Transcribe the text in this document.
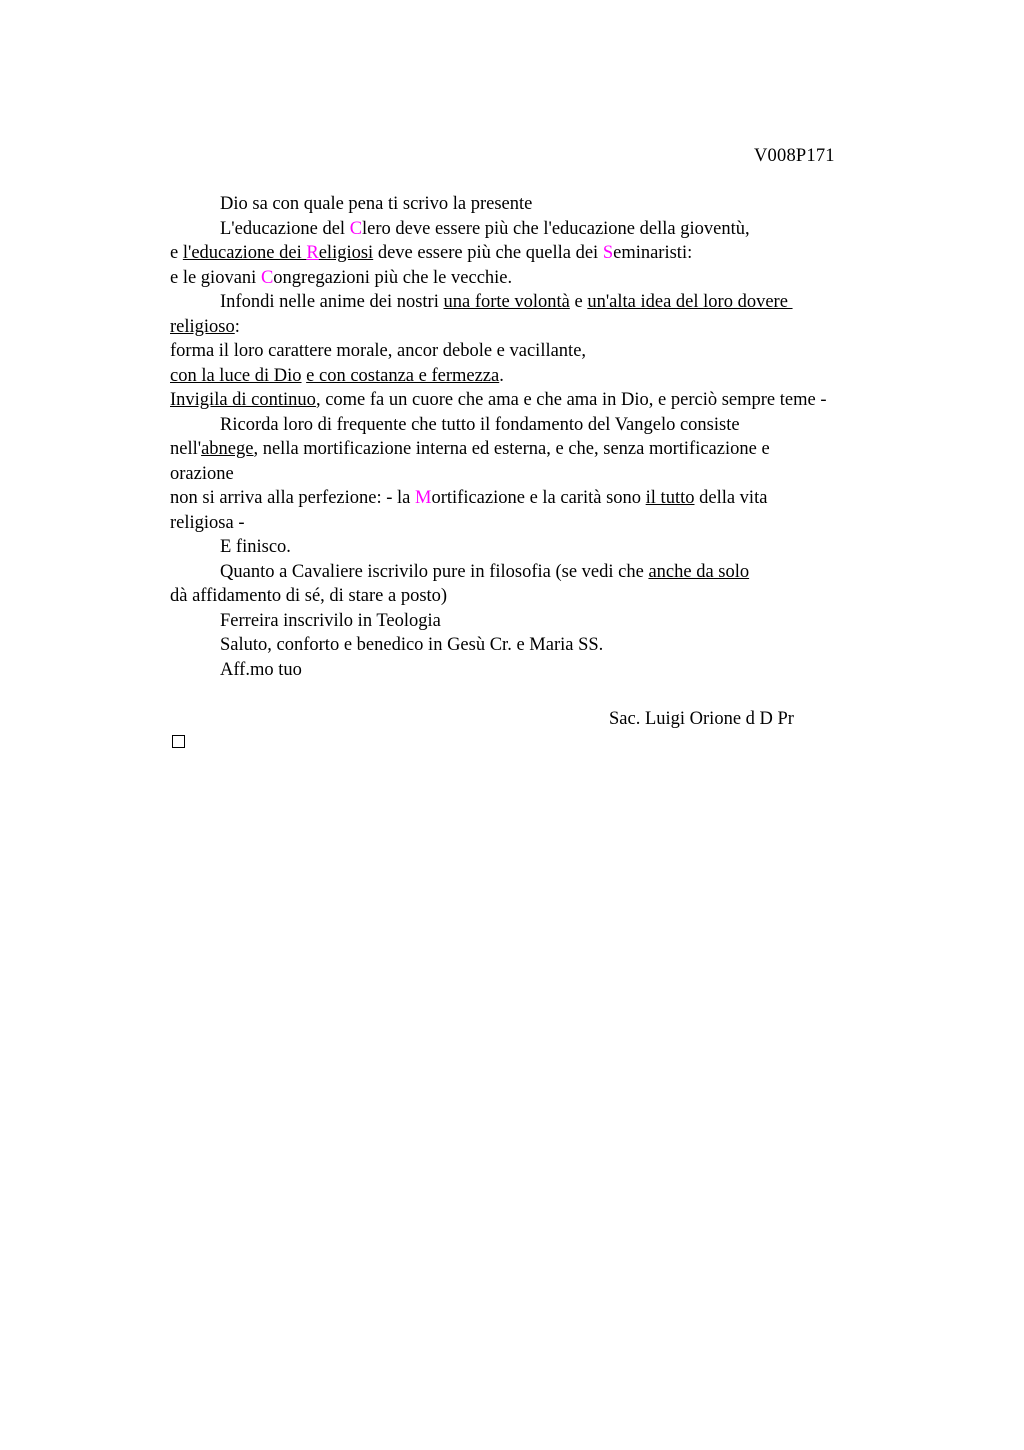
V008P171

Dio sa con quale pena ti scrivo la presente

L'educazione del Clero deve essere più che l'educazione della gioventù,

e l'educazione dei Religiosi deve essere più che quella dei Seminaristi:

e le giovani Congregazioni più che le vecchie.

Infondi nelle anime dei nostri una forte volontà e un'alta idea del loro dovere

religioso:

forma il loro carattere morale, ancor debole e vacillante,

con la luce di Dio e con costanza e fermezza.

Invigila di continuo, come fa un cuore che ama e che ama in Dio, e perciò sempre teme -

Ricorda loro di frequente che tutto il fondamento del Vangelo consiste

nell'abnege, nella mortificazione interna ed esterna, e che, senza mortificazione e

orazione

non si arriva alla perfezione: - la Mortificazione e la carità sono il tutto della vita

religiosa -

E finisco.

Quanto a Cavaliere iscrivilo pure in filosofia (se vedi che anche da solo

dà affidamento di sé, di stare a posto)

Ferreira inscrivilo in Teologia

Saluto, conforto e benedico in Gesù Cr. e Maria SS.

Aff.mo tuo

Sac. Luigi Orione d D Pr
